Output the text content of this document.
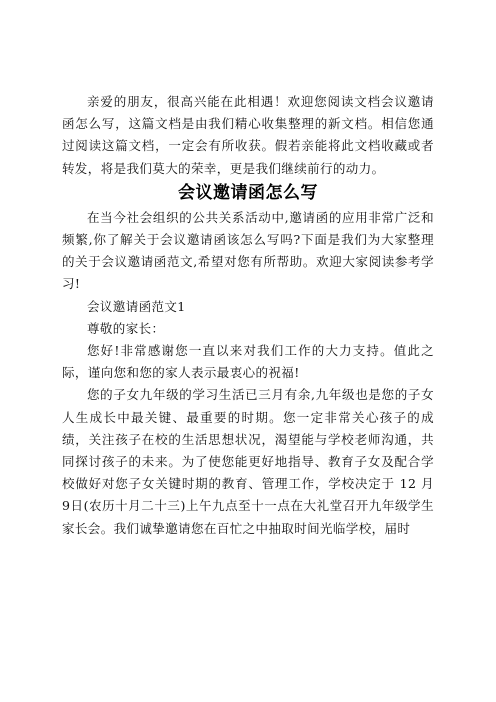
亲爱的朋友，很高兴能在此相遇！欢迎您阅读文档会议邀请函怎么写，这篇文档是由我们精心收集整理的新文档。相信您通过阅读这篇文档，一定会有所收获。假若亲能将此文档收藏或者转发，将是我们莫大的荣幸，更是我们继续前行的动力。

会议邀请函怎么写

在当今社会组织的公共关系活动中,邀请函的应用非常广泛和频繁,你了解关于会议邀请函该怎么写吗?下面是我们为大家整理的关于会议邀请函范文,希望对您有所帮助。欢迎大家阅读参考学习!

会议邀请函范文1

尊敬的家长：

您好!非常感谢您一直以来对我们工作的大力支持。值此之际，谨向您和您的家人表示最衷心的祝福!

您的子女九年级的学习生活已三月有余,九年级也是您的子女人生成长中最关键、最重要的时期。您一定非常关心孩子的成绩，关注孩子在校的生活思想状况，渴望能与学校老师沟通，共同探讨孩子的未来。为了使您能更好地指导、教育子女及配合学校做好对您子女关键时期的教育、管理工作，学校决定于 12 月 9日(农历十月二十三)上午九点至十一点在大礼堂召开九年级学生家长会。我们诚挚邀请您在百忙之中抽取时间光临学校，届时
